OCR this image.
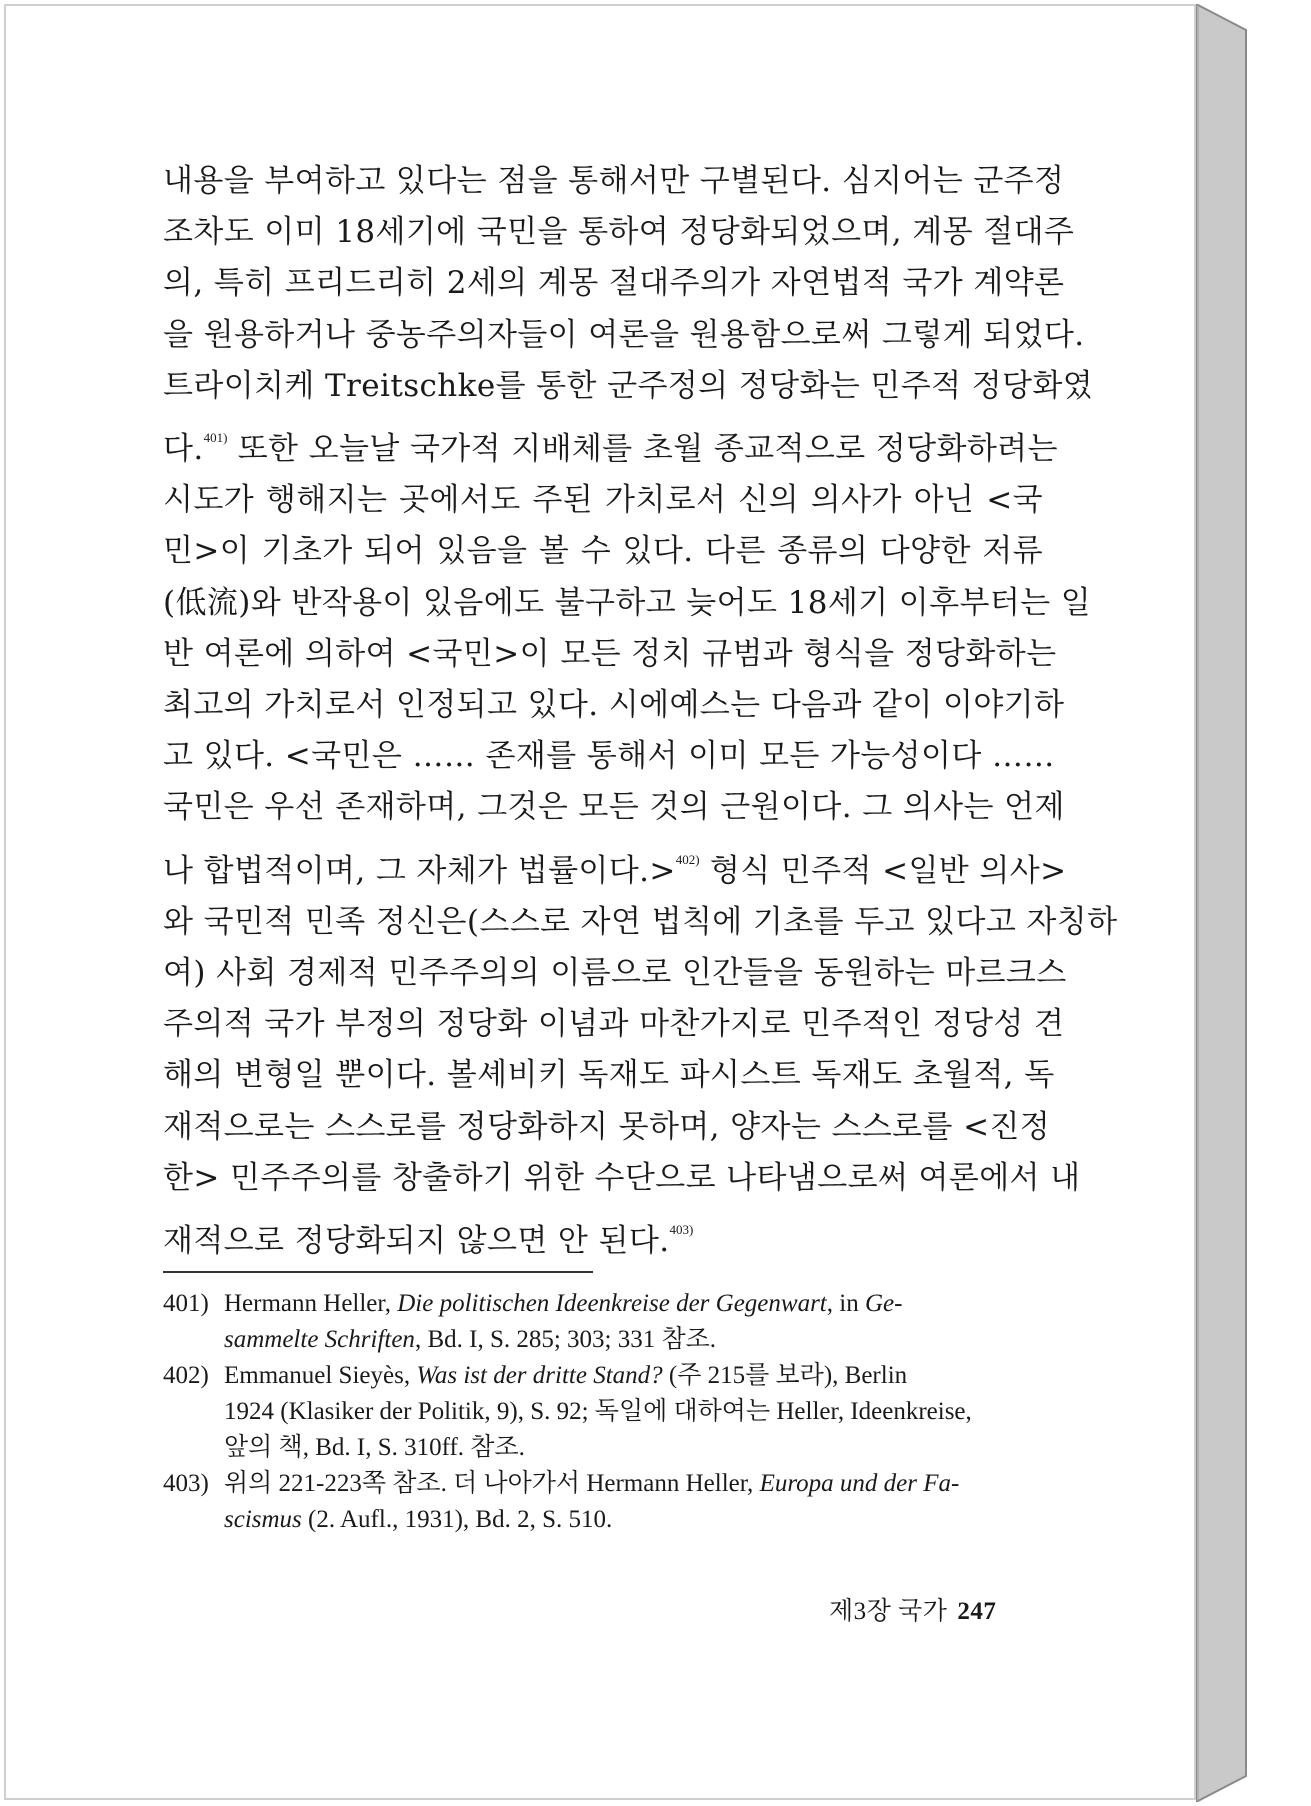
내용을 부여하고 있다는 점을 통해서만 구별된다. 심지어는 군주정
조차도 이미 18세기에 국민을 통하여 정당화되었으며, 계몽 절대주
의, 특히 프리드리히 2세의 계몽 절대주의가 자연법적 국가 계약론
을 원용하거나 중농주의자들이 여론을 원용함으로써 그렇게 되었다.
트라이치케 Treitschke를 통한 군주정의 정당화는 민주적 정당화였
다.$^{401)}$ 또한 오늘날 국가적 지배체를 초월 종교적으로 정당화하려는
시도가 행해지는 곳에서도 주된 가치로서 신의 의사가 아닌 <국
민>이 기초가 되어 있음을 볼 수 있다. 다른 종류의 다양한 저류
(低流)와 반작용이 있음에도 불구하고 늦어도 18세기 이후부터는 일
반 여론에 의하여 <국민>이 모든 정치 규범과 형식을 정당화하는
최고의 가치로서 인정되고 있다. 시에예스는 다음과 같이 이야기하
고 있다. <국민은 …… 존재를 통해서 이미 모든 가능성이다 ……
국민은 우선 존재하며, 그것은 모든 것의 근원이다. 그 의사는 언제
나 합법적이며, 그 자체가 법률이다.>$^{402)}$ 형식 민주적 <일반 의사>
와 국민적 민족 정신은(스스로 자연 법칙에 기초를 두고 있다고 자칭하
여) 사회 경제적 민주주의의 이름으로 인간들을 동원하는 마르크스
주의적 국가 부정의 정당화 이념과 마찬가지로 민주적인 정당성 견
해의 변형일 뿐이다. 볼셰비키 독재도 파시스트 독재도 초월적, 독
재적으로는 스스로를 정당화하지 못하며, 양자는 스스로를 <진정
한> 민주주의를 창출하기 위한 수단으로 나타냄으로써 여론에서 내
재적으로 정당화되지 않으면 안 된다.$^{403)}$
401) Hermann Heller, Die politischen Ideenkreise der Gegenwart, in Ge-
sammelte Schriften, Bd. I, S. 285; 303; 331 참조.
402) Emmanuel Sieyès, Was ist der dritte Stand? (주 215를 보라), Berlin
1924 (Klasiker der Politik, 9), S. 92; 독일에 대하여는 Heller, Ideenkreise,
앞의 책, Bd. I, S. 310ff. 참조.
403) 위의 221-223쪽 참조. 더 나아가서 Hermann Heller, Europa und der Fa-
scismus (2. Aufl., 1931), Bd. 2, S. 510.
제3장 국가 247
